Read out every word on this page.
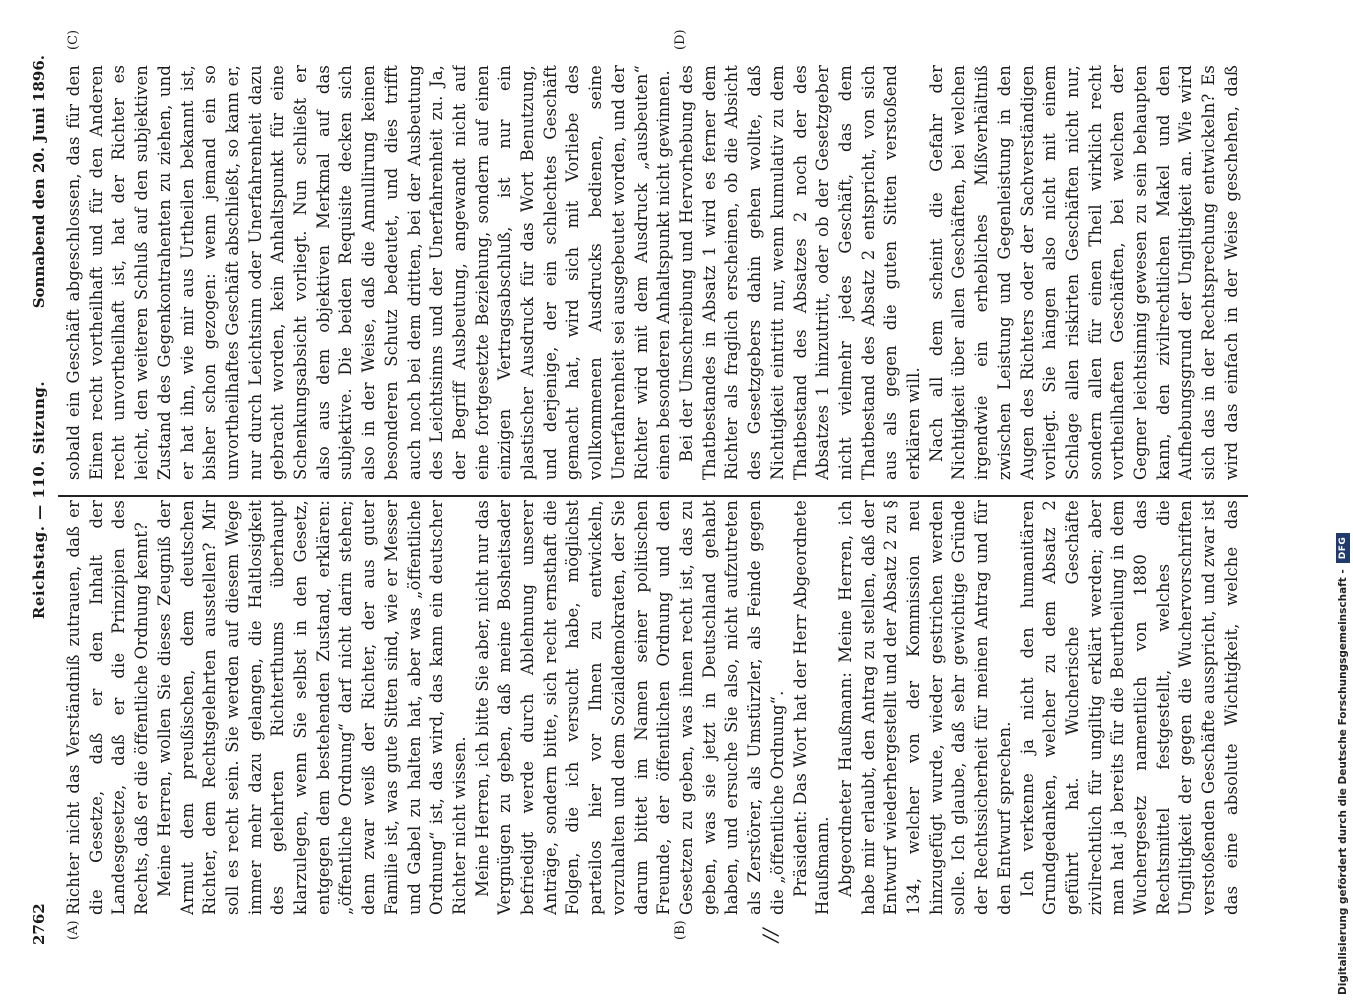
2762
Reichstag. — 110. Sitzung.
Sonnabend den 20. Juni 1896.
(A)	(B)
(C)	(D)
//

Richter nicht das Verständniß zutrauen, daß er die Gesetze, daß er den Inhalt der Landesgesetze, daß er die Prinzipien des Rechts, daß er die öffentliche Ordnung kennt? Meine Herren, wollen Sie dieses Zeugniß der Armut dem preußischen, dem deutschen Richter, dem Rechtsgelehrten ausstellen? Mir soll es recht sein. Sie werden auf diesem Wege immer mehr dazu gelangen, die Haltlosigkeit des gelehrten Richterthums überhaupt klarzulegen, wenn Sie selbst in den Gesetz, entgegen dem bestehenden Zustand, erklären: „öffentliche Ordnung“ darf nicht darin stehen; denn zwar weiß der Richter, der aus guter Familie ist, was gute Sitten sind, wie er Messer und Gabel zu halten hat, aber was „öffentliche Ordnung“ ist, das wird, das kann ein deutscher Richter nicht wissen. Meine Herren, ich bitte Sie aber, nicht nur das Vergnügen zu geben, daß meine Bosheitsader befriedigt werde durch Ablehnung unserer Anträge, sondern bitte, sich recht ernsthaft die Folgen, die ich versucht habe, möglichst parteilos hier vor Ihnen zu entwickeln, vorzuhalten und dem Sozialdemokraten, der Sie darum bittet im Namen seiner politischen Freunde, der öffentlichen Ordnung und den Gesetzen zu geben, was ihnen recht ist, das zu geben, was sie jetzt in Deutschland gehabt haben, und ersuche Sie also, nicht aufzutreten als Zerstörer, als Umstürzler, als Feinde gegen die „öffentliche Ordnung“. Präsident: Das Wort hat der Herr Abgeordnete Haußmann. Abgeordneter Haußmann: Meine Herren, ich habe mir erlaubt, den Antrag zu stellen, daß der Entwurf wiederhergestellt und der Absatz 2 zu § 134, welcher von der Kommission neu hinzugefügt wurde, wieder gestrichen werden solle. Ich glaube, daß sehr gewichtige Gründe der Rechtssicherheit für meinen Antrag und für den Entwurf sprechen. Ich verkenne ja nicht den humanitären Grundgedanken, welcher zu dem Absatz 2 geführt hat. Wucherische Geschäfte zivilrechtlich für ungiltig erklärt werden; aber man hat ja bereits für die Beurtheilung in dem Wuchergesetz namentlich von 1880 das Rechtsmittel festgestellt, welches die Ungiltigkeit der gegen die Wuchervorschriften verstoßenden Geschäfte ausspricht, und zwar ist das eine absolute Wichtigkeit, welche das

sobald ein Geschäft abgeschlossen, das für den Einen recht vortheilhaft und für den Anderen recht unvortheilhaft ist, hat der Richter es leicht, den weiteren Schluß auf den subjektiven Zustand des Gegenkontrahenten zu ziehen, und er hat ihn, wie mir aus Urtheilen bekannt ist, bisher schon gezogen: wenn jemand ein so unvortheilhaftes Geschäft abschließt, so kann er, nur durch Leichtsinn oder Unerfahrenheit dazu gebracht worden, kein Anhaltspunkt für eine Schenkungsabsicht vorliegt. Nun schließt er also aus dem objektiven Merkmal auf das subjektive. Die beiden Requisite decken sich also in der Weise, daß die Annullirung keinen besonderen Schutz bedeutet, und dies trifft auch noch bei dem dritten, bei der Ausbeutung des Leichtsinns und der Unerfahrenheit zu. Ja, der Begriff Ausbeutung, angewandt nicht auf eine fortgesetzte Beziehung, sondern auf einen einzigen Vertragsabschluß, ist nur ein plastischer Ausdruck für das Wort Benutzung, und derjenige, der ein schlechtes Geschäft gemacht hat, wird sich mit Vorliebe des vollkommenen Ausdrucks bedienen, seine Unerfahrenheit sei ausgebeutet worden, und der Richter wird mit dem Ausdruck „ausbeuten“ einen besonderen Anhaltspunkt nicht gewinnen. Bei der Umschreibung und Hervorhebung des Thatbestandes in Absatz 1 wird es ferner dem Richter als fraglich erscheinen, ob die Absicht des Gesetzgebers dahin gehen wollte, daß Nichtigkeit eintritt nur, wenn kumulativ zu dem Thatbestand des Absatzes 2 noch der des Absatzes 1 hinzutritt, oder ob der Gesetzgeber nicht vielmehr jedes Geschäft, das dem Thatbestand des Absatz 2 entspricht, von sich aus als gegen die guten Sitten verstoßend erklären will. Nach all dem scheint die Gefahr der Nichtigkeit über allen Geschäften, bei welchen irgendwie ein erhebliches Mißverhältniß zwischen Leistung und Gegenleistung in den Augen des Richters oder der Sachverständigen vorliegt. Sie hängen also nicht mit einem Schlage allen riskirten Geschäften nicht nur, sondern allen für einen Theil wirklich recht vortheilhaften Geschäften, bei welchen der Gegner leichtsinnig gewesen zu sein behaupten kann, den zivilrechtlichen Makel und den Aufhebungsgrund der Ungiltigkeit an. Wie wird sich das in der Rechtsprechung entwickeln? Es wird das einfach in der Weise geschehen, daß

Digitalisierung gefördert durch die Deutsche Forschungsgemeinschaft -
DFG
